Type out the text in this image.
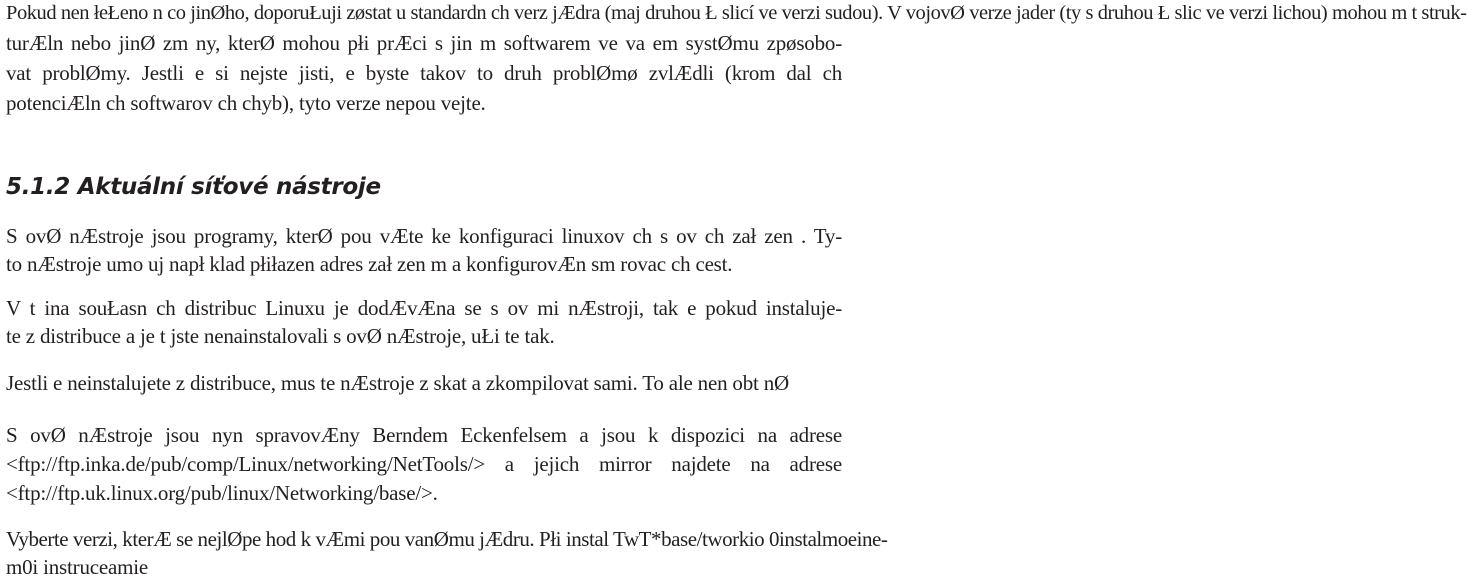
Pokud nen łeŁeno n co jinØho, doporuŁuji zøstat u standardn ch verz jÆdra (maj druhou Ł slicí ve verzi sudou). V vojovØ verze jader (ty s druhou Ł slic ve verzi lichou) mohou m t struk-
turÆln nebo jinØ zm ny, kterØ mohou płi prÆci s jin m softwarem ve va em systØmu zpøsobo-
vat problØmy. Jestli e si nejste jisti, e byste takov to druh problØmø zvlÆdli (krom dal ch
potenciÆln ch softwarov ch chyb), tyto verze nepou vejte.
5.1.2 Aktuální síťové nástroje
S ovØ nÆstroje jsou programy, kterØ pou vÆte ke konfiguraci linuxov ch s ov ch zał zen . Ty-
to nÆstroje umo uj napł klad płiłazen adres zał zen m a konfigurovÆn sm rovac ch cest.
V t ina souŁasn ch distribuc Linuxu je dodÆvÆna se s ov mi nÆstroji, tak e pokud instaluje-
te z distribuce a je t jste nenainstalovali s ovØ nÆstroje, uŁi te tak.
Jestli e neinstalujete z distribuce, mus te nÆstroje z skat a zkompilovat sami. To ale nen obt nØ
S ovØ nÆstroje jsou nyn spravovÆny Berndem Eckenfelsem a jsou k dispozici na adrese
<ftp://ftp.inka.de/pub/comp/Linux/networking/NetTools/> a jejich mirror najdete na adrese
<ftp://ftp.uk.linux.org/pub/linux/Networking/base/>.
Vyberte verzi, kterÆ se nejlØpe hod k vÆmi pou vanØmu jÆdru. Płi instal TwT*base/tworkio 0instalmoeine-
m0i instruceamie
